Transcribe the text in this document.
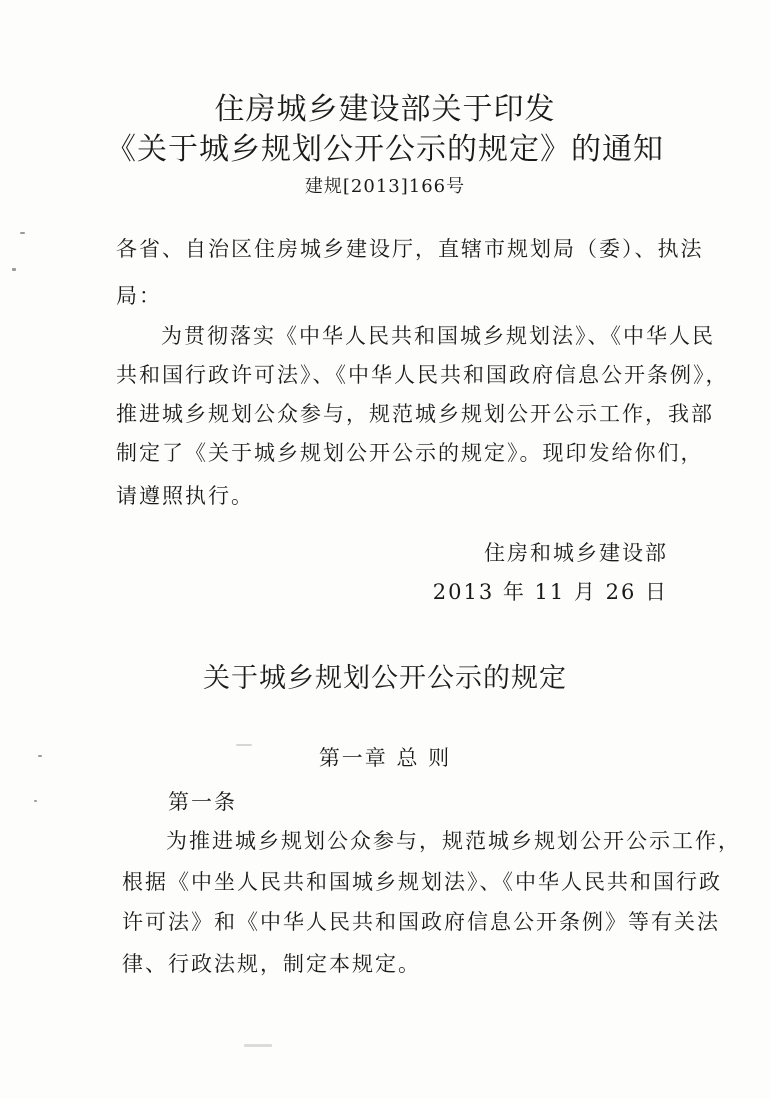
住房城乡建设部关于印发
《关于城乡规划公开公示的规定》的通知
建规[2013]166号
各省、自治区住房城乡建设厅，直辖市规划局（委）、执法
局：
为贯彻落实《中华人民共和国城乡规划法》、《中华人民
共和国行政许可法》、《中华人民共和国政府信息公开条例》，
推进城乡规划公众参与，规范城乡规划公开公示工作，我部
制定了《关于城乡规划公开公示的规定》。现印发给你们，
请遵照执行。
住房和城乡建设部
2013 年 11 月 26 日
关于城乡规划公开公示的规定
第一章 总 则
第一条
为推进城乡规划公众参与，规范城乡规划公开公示工作，
根据《中坐人民共和国城乡规划法》、《中华人民共和国行政
许可法》和《中华人民共和国政府信息公开条例》等有关法
律、行政法规，制定本规定。
